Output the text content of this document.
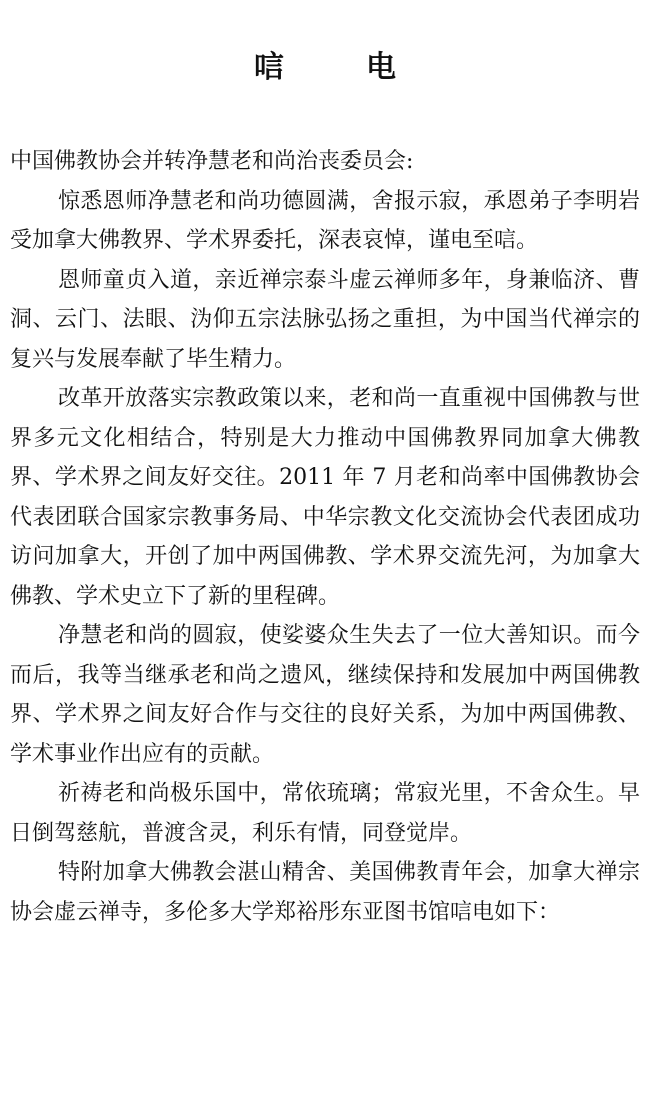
唁　电

中国佛教协会并转净慧老和尚治丧委员会:

惊悉恩师净慧老和尚功德圆满，舍报示寂，承恩弟子李明岩受加拿大佛教界、学术界委托，深表哀悼，谨电至唁。

恩师童贞入道，亲近禅宗泰斗虚云禅师多年，身兼临济、曹洞、云门、法眼、沩仰五宗法脉弘扬之重担，为中国当代禅宗的复兴与发展奉献了毕生精力。

改革开放落实宗教政策以来，老和尚一直重视中国佛教与世界多元文化相结合，特别是大力推动中国佛教界同加拿大佛教界、学术界之间友好交往。2011 年 7 月老和尚率中国佛教协会代表团联合国家宗教事务局、中华宗教文化交流协会代表团成功访问加拿大，开创了加中两国佛教、学术界交流先河，为加拿大佛教、学术史立下了新的里程碑。

净慧老和尚的圆寂，使娑婆众生失去了一位大善知识。而今而后，我等当继承老和尚之遗风，继续保持和发展加中两国佛教界、学术界之间友好合作与交往的良好关系，为加中两国佛教、学术事业作出应有的贡献。

祈祷老和尚极乐国中，常依琉璃；常寂光里，不舍众生。早日倒驾慈航，普渡含灵，利乐有情，同登觉岸。

特附加拿大佛教会湛山精舍、美国佛教青年会，加拿大禅宗协会虚云禅寺，多伦多大学郑裕彤东亚图书馆唁电如下：
